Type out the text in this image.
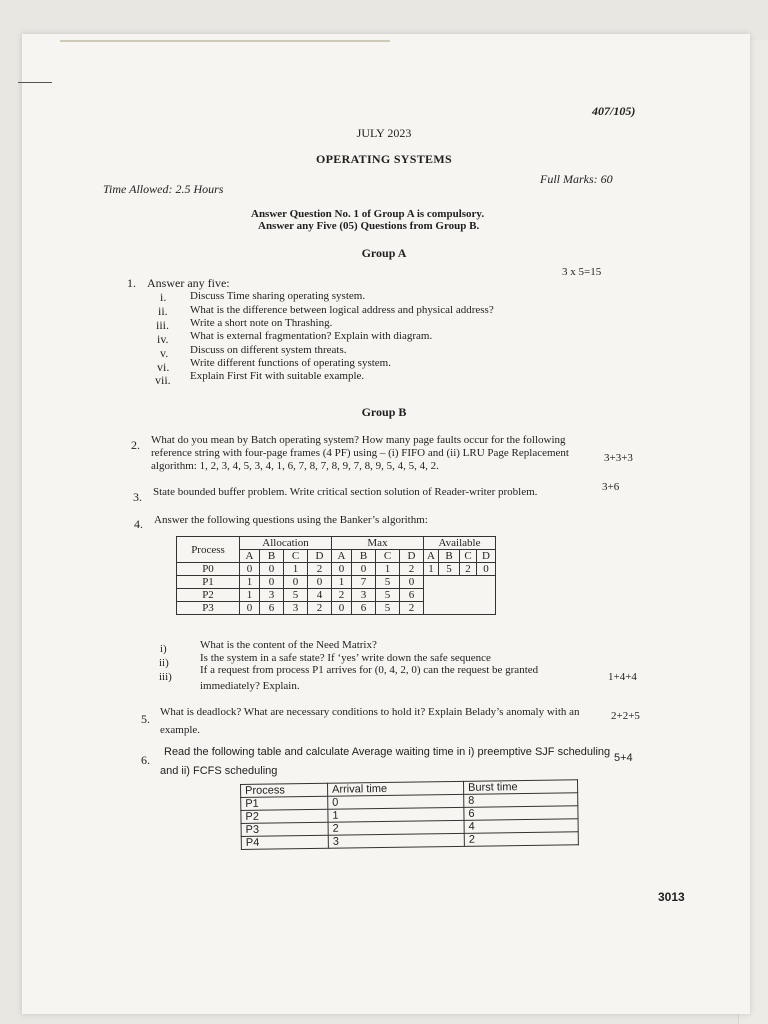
407/105)
JULY 2023
OPERATING SYSTEMS
Full Marks: 60
Time Allowed: 2.5 Hours
Answer Question No. 1 of Group A is compulsory.
Answer any Five (05) Questions from Group B.
Group A
3 x 5=15
1. Answer any five:
i. Discuss Time sharing operating system.
ii. What is the difference between logical address and physical address?
iii. Write a short note on Thrashing.
iv. What is external fragmentation? Explain with diagram.
v. Discuss on different system threats.
vi. Write different functions of operating system.
vii. Explain First Fit with suitable example.
Group B
2. What do you mean by Batch operating system? How many page faults occur for the following
reference string with four-page frames (4 PF) using – (i) FIFO and (ii) LRU Page Replacement
algorithm: 1, 2, 3, 4, 5, 3, 4, 1, 6, 7, 8, 7, 8, 9, 7, 8, 9, 5, 4, 5, 4, 2.
3+3+3
3. State bounded buffer problem. Write critical section solution of Reader-writer problem.	3+6
4. Answer the following questions using the Banker’s algorithm:
Process	Allocation				Max				Available			
	A	B	C	D	A	B	C	D	A	B	C	D
P0	0	0	1	2	0	0	1	2	1	5	2	0
P1	1	0	0	0	1	7	5	0				
P2	1	3	5	4	2	3	5	6				
P3	0	6	3	2	0	6	5	2				
i)	What is the content of the Need Matrix?
ii)	Is the system in a safe state? If ‘yes’ write down the safe sequence
iii)
If a request from process P1 arrives for (0, 4, 2, 0) can the request be granted
immediately? Explain.
1+4+4
5. What is deadlock? What are necessary conditions to hold it? Explain Belady’s anomaly with an
example.
2+2+5
6.
Read the following table and calculate Average waiting time in i) preemptive SJF scheduling
and ii) FCFS scheduling
5+4
Process	Arrival time	Burst time
P1	0	8
P2	1	6
P3	2	4
P4	3	2
3013
